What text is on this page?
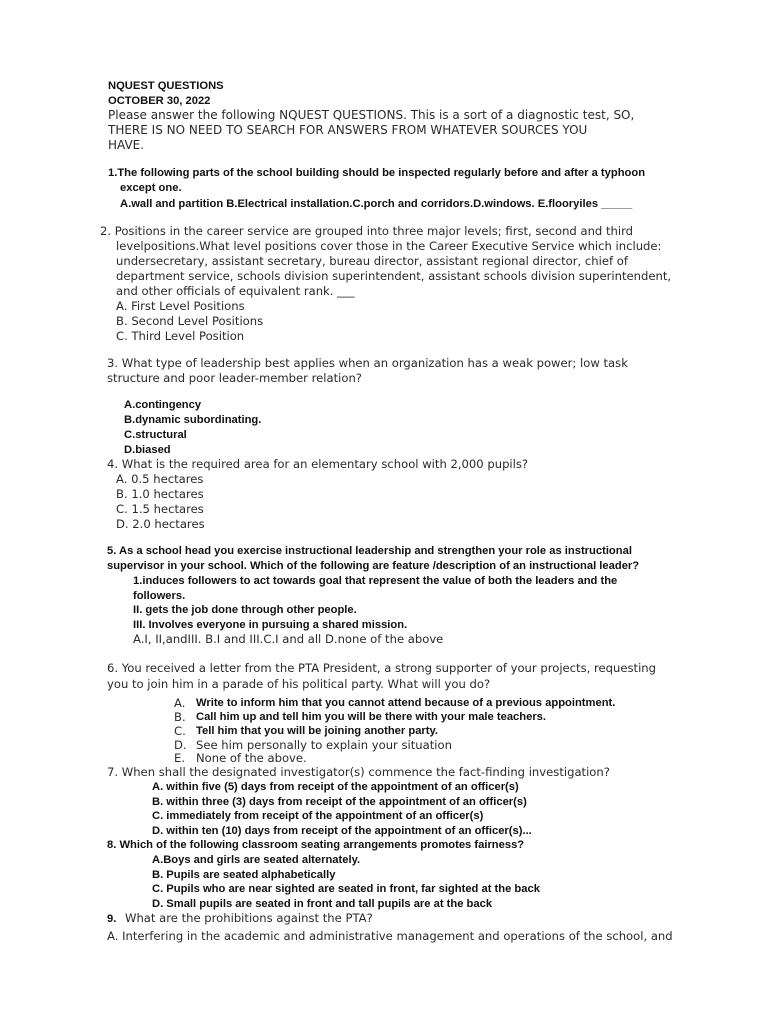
NQUEST QUESTIONS
OCTOBER 30, 2022
Please answer the following NQUEST QUESTIONS. This is a sort of a diagnostic test, SO,
THERE IS NO NEED TO SEARCH FOR ANSWERS FROM WHATEVER SOURCES YOU
HAVE.
1.The following parts of the school building should be inspected regularly before and after a typhoon
except one.
A.wall and partition B.Electrical installation.C.porch and corridors.D.windows. E.flooryiles _____
2. Positions in the career service are grouped into three major levels; first, second and third
levelpositions.What level positions cover those in the Career Executive Service which include:
undersecretary, assistant secretary, bureau director, assistant regional director, chief of
department service, schools division superintendent, assistant schools division superintendent,
and other officials of equivalent rank. ___
A. First Level Positions
B. Second Level Positions
C. Third Level Position
3. What type of leadership best applies when an organization has a weak power; low task
structure and poor leader-member relation?
A.contingency
B.dynamic subordinating.
C.structural
D.biased
4. What is the required area for an elementary school with 2,000 pupils?
A. 0.5 hectares
B. 1.0 hectares
C. 1.5 hectares
D. 2.0 hectares
5. As a school head you exercise instructional leadership and strengthen your role as instructional
supervisor in your school. Which of the following are feature /description of an instructional leader?
1.induces followers to act towards goal that represent the value of both the leaders and the
followers.
II. gets the job done through other people.
III. Involves everyone in pursuing a shared mission.
A.I, II,andIII. B.I and III.C.I and all D.none of the above
6. You received a letter from the PTA President, a strong supporter of your projects, requesting
you to join him in a parade of his political party. What will you do?
A. Write to inform him that you cannot attend because of a previous appointment.
B. Call him up and tell him you will be there with your male teachers.
C. Tell him that you will be joining another party.
D. See him personally to explain your situation
E. None of the above.
7. When shall the designated investigator(s) commence the fact-finding investigation?
A. within five (5) days from receipt of the appointment of an officer(s)
B. within three (3) days from receipt of the appointment of an officer(s)
C. immediately from receipt of the appointment of an officer(s)
D. within ten (10) days from receipt of the appointment of an officer(s)...
8. Which of the following classroom seating arrangements promotes fairness?
A.Boys and girls are seated alternately.
B. Pupils are seated alphabetically
C. Pupils who are near sighted are seated in front, far sighted at the back
D. Small pupils are seated in front and tall pupils are at the back
9. What are the prohibitions against the PTA?
A. Interfering in the academic and administrative management and operations of the school, and
